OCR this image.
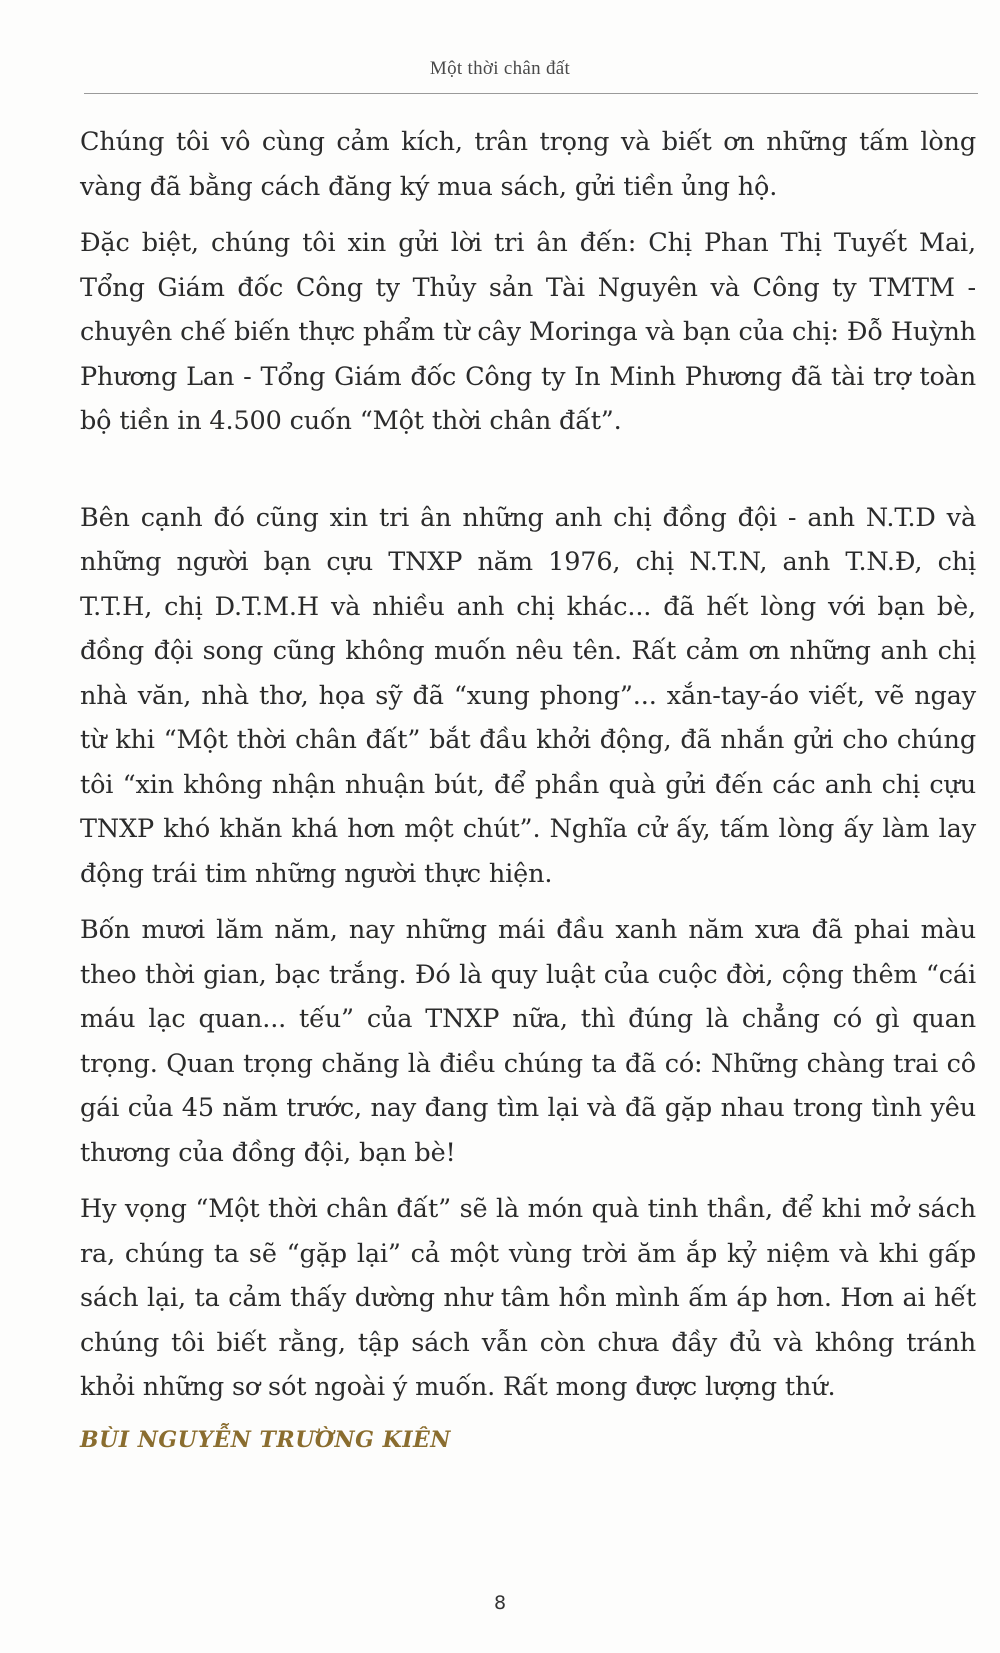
Một thời chân đất

Chúng tôi vô cùng cảm kích, trân trọng và biết ơn những tấm lòng vàng đã bằng cách đăng ký mua sách, gửi tiền ủng hộ.

Đặc biệt, chúng tôi xin gửi lời tri ân đến: Chị Phan Thị Tuyết Mai, Tổng Giám đốc Công ty Thủy sản Tài Nguyên và Công ty TMTM - chuyên chế biến thực phẩm từ cây Moringa và bạn của chị: Đỗ Huỳnh Phương Lan - Tổng Giám đốc Công ty In Minh Phương đã tài trợ toàn bộ tiền in 4.500 cuốn “Một thời chân đất”.

Bên cạnh đó cũng xin tri ân những anh chị đồng đội - anh N.T.D và những người bạn cựu TNXP năm 1976, chị N.T.N, anh T.N.Đ, chị T.T.H, chị D.T.M.H và nhiều anh chị khác... đã hết lòng với bạn bè, đồng đội song cũng không muốn nêu tên. Rất cảm ơn những anh chị nhà văn, nhà thơ, họa sỹ đã “xung phong”... xắn-tay-áo viết, vẽ ngay từ khi “Một thời chân đất” bắt đầu khởi động, đã nhắn gửi cho chúng tôi “xin không nhận nhuận bút, để phần quà gửi đến các anh chị cựu TNXP khó khăn khá hơn một chút”. Nghĩa cử ấy, tấm lòng ấy làm lay động trái tim những người thực hiện.

Bốn mươi lăm năm, nay những mái đầu xanh năm xưa đã phai màu theo thời gian, bạc trắng. Đó là quy luật của cuộc đời, cộng thêm “cái máu lạc quan... tếu” của TNXP nữa, thì đúng là chẳng có gì quan trọng. Quan trọng chăng là điều chúng ta đã có: Những chàng trai cô gái của 45 năm trước, nay đang tìm lại và đã gặp nhau trong tình yêu thương của đồng đội, bạn bè!

Hy vọng “Một thời chân đất” sẽ là món quà tinh thần, để khi mở sách ra, chúng ta sẽ “gặp lại” cả một vùng trời ăm ắp kỷ niệm và khi gấp sách lại, ta cảm thấy dường như tâm hồn mình ấm áp hơn. Hơn ai hết chúng tôi biết rằng, tập sách vẫn còn chưa đầy đủ và không tránh khỏi những sơ sót ngoài ý muốn. Rất mong được lượng thứ.

BÙI NGUYỄN TRƯỜNG KIÊN

8
